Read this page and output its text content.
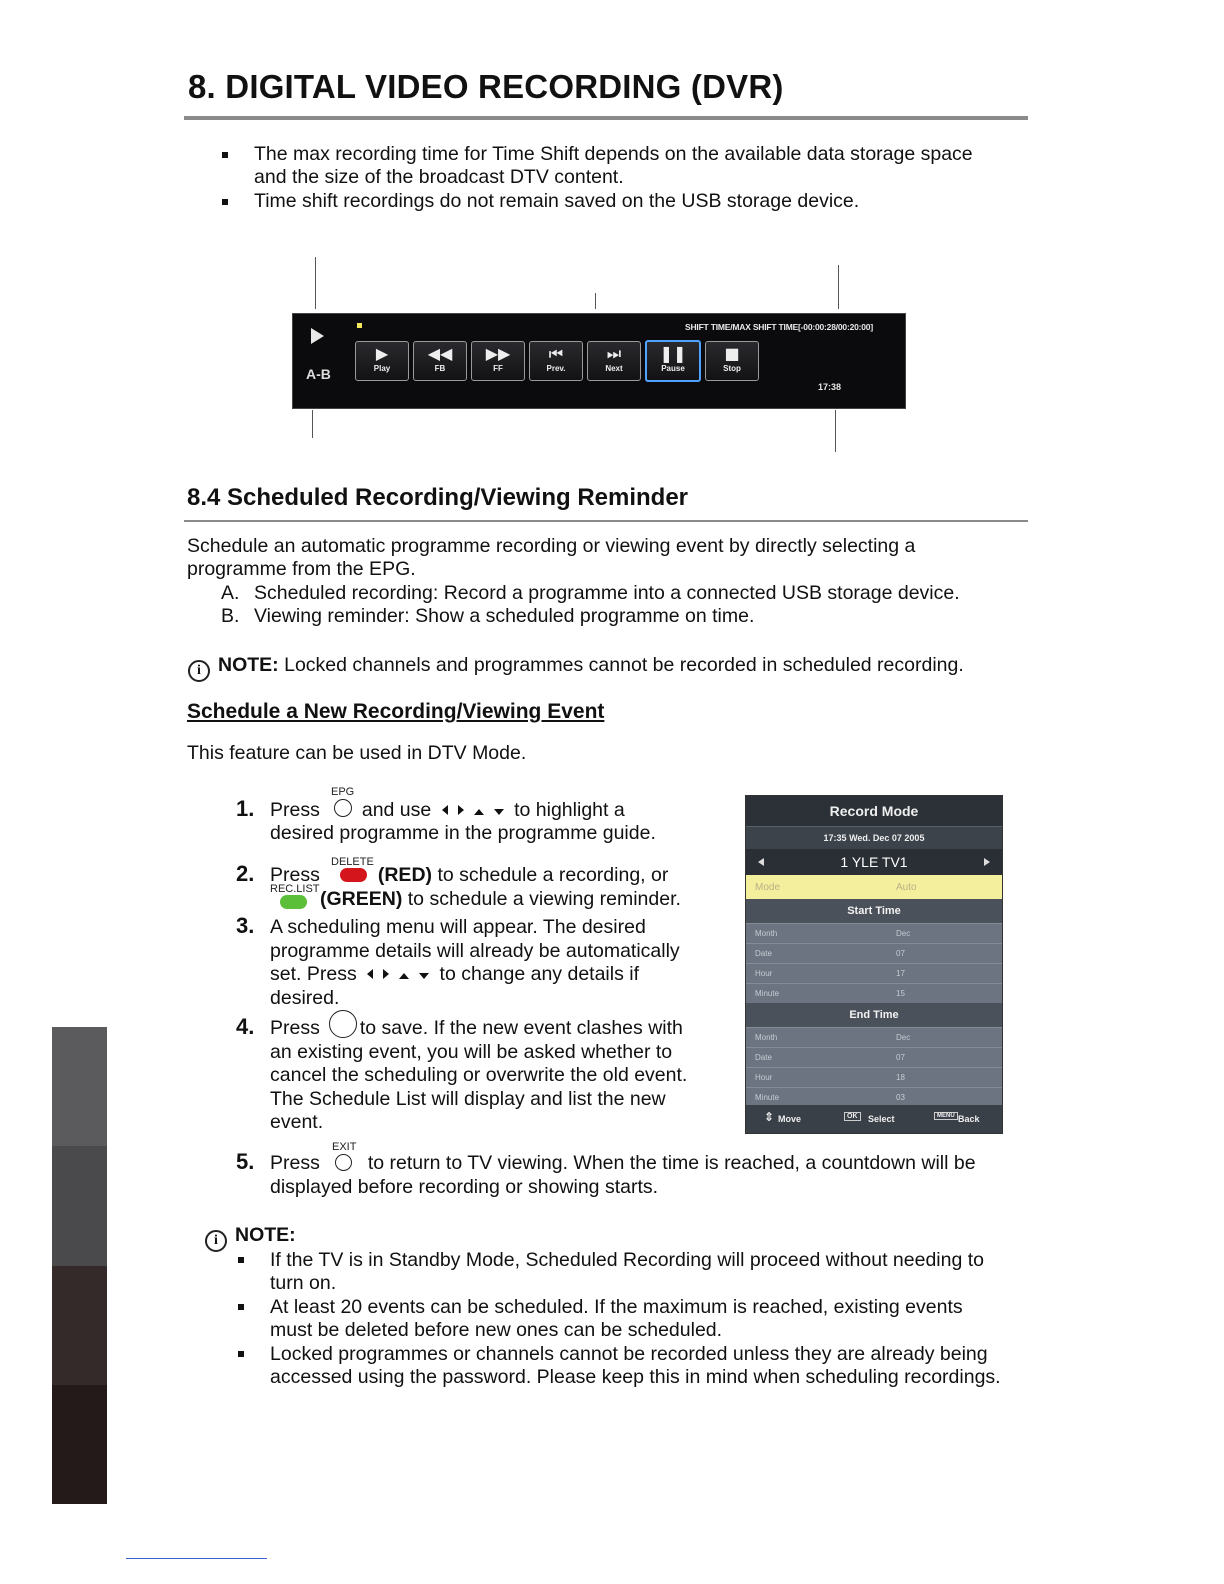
8. DIGITAL VIDEO RECORDING (DVR)
The max recording time for Time Shift depends on the available data storage space
and the size of the broadcast DTV content.
Time shift recordings do not remain saved on the USB storage device.
A-B
SHIFT TIME/MAX SHIFT TIME[-00:00:28/00:20:00]
▶
Play
◀◀
FB
▶▶
FF
⏮
Prev.
⏭
Next
❚❚
Pause
■
Stop
17:38
8.4 Scheduled Recording/Viewing Reminder
Schedule an automatic programme recording or viewing event by directly selecting a
programme from the EPG.
A. Scheduled recording: Record a programme into a connected USB storage device.
B. Viewing reminder: Show a scheduled programme on time.
i NOTE: Locked channels and programmes cannot be recorded in scheduled recording.
Schedule a New Recording/Viewing Event
This feature can be used in DTV Mode.
1.
EPG
Press and use	to highlight a
desired programme in the programme guide.
2.	DELETE
Press	(RED) to schedule a recording, or
REC.LIST (GREEN) to schedule a viewing reminder.
3. A scheduling menu will appear. The desired
programme details will already be automatically
set. Press	to change any details if
desired.
4. Press to save. If the new event clashes with
an existing event, you will be asked whether to
cancel the scheduling or overwrite the old event.
The Schedule List will display and list the new
event.
Record Mode
17:35 Wed. Dec 07 2005
1 YLE TV1
Mode	Auto
Start Time
Month	Dec
Date	07
Hour	17
Minute	15
End Time
Month	Dec
Date	07
Hour	18
Minute	03
⇕ Move	OK	Select	MENU Back
5.
EXIT
Press to return to TV viewing. When the time is reached, a countdown will be
displayed before recording or showing starts.
i NOTE:
If the TV is in Standby Mode, Scheduled Recording will proceed without needing to
turn on.
At least 20 events can be scheduled. If the maximum is reached, existing events
must be deleted before new ones can be scheduled.
Locked programmes or channels cannot be recorded unless they are already being
accessed using the password. Please keep this in mind when scheduling recordings.
